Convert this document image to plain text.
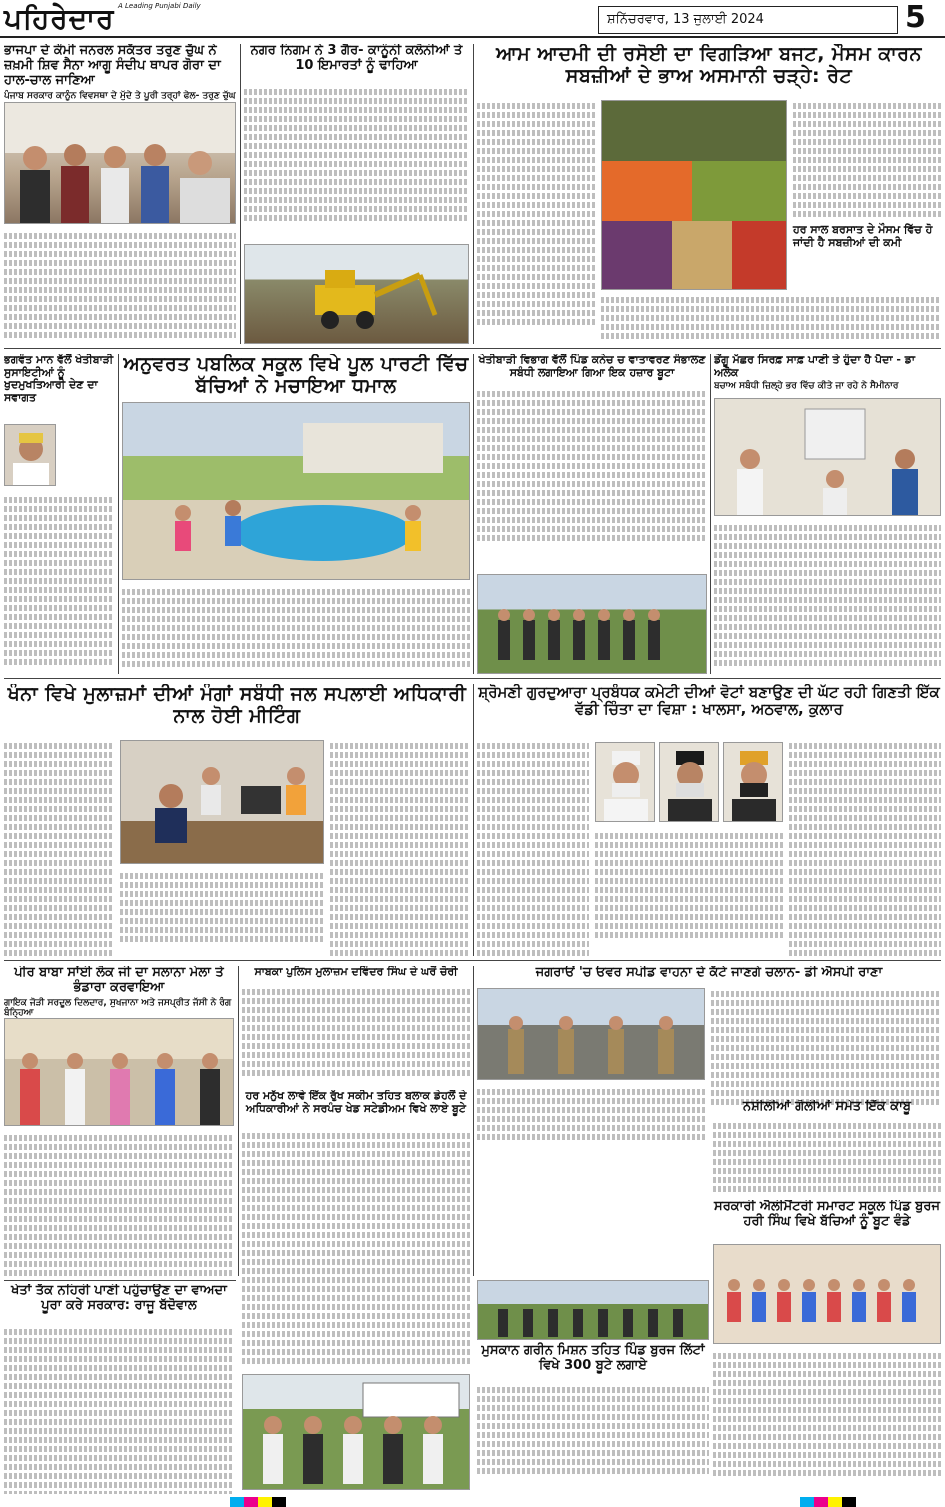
ਪਹਿਰੇਦਾਰ A Leading Punjabi Daily
ਸ਼ਨਿੱਚਰਵਾਰ, 13 ਜੁਲਾਈ 2024	5
ਭਾਜਪਾ ਦੇ ਕੌਮੀ ਜਨਰਲ ਸਕੱਤਰ ਤਰੁਣ ਚੁੱਘ ਨੇ ਜ਼ਖ਼ਮੀ ਸ਼ਿਵ ਸੈਨਾ ਆਗੂ ਸੰਦੀਪ ਥਾਪਰ ਗੋਰਾ ਦਾ ਹਾਲ-ਚਾਲ ਜਾਣਿਆ
ਪੰਜਾਬ ਸਰਕਾਰ ਕਾਨੂੰਨ ਵਿਵਸਥਾ ਦੇ ਮੁੱਦੇ ਤੇ ਪੂਰੀ ਤਰ੍ਹਾਂ ਫੇਲ- ਤਰੁਣ ਚੁੱਘ
ਨਗਰ ਨਿਗਮ ਨੇ 3 ਗੈਰ- ਕਾਨੂੰਨੀ ਕਲੋਨੀਆਂ ਤੇ 10 ਇਮਾਰਤਾਂ ਨੂੰ ਢਾਹਿਆ
ਆਮ ਆਦਮੀ ਦੀ ਰਸੋਈ ਦਾ ਵਿਗੜਿਆ ਬਜਟ, ਮੌਸਮ ਕਾਰਨ ਸਬਜ਼ੀਆਂ ਦੇ ਭਾਅ ਅਸਮਾਨੀ ਚੜ੍ਹੇ: ਰੇਟ
ਹਰ ਸਾਲ ਬਰਸਾਤ ਦੇ ਮੌਸਮ ਵਿੱਚ ਹੋ ਜਾਂਦੀ ਹੈ ਸਬਜ਼ੀਆਂ ਦੀ ਕਮੀ
ਭਗਵੰਤ ਮਾਨ ਵੱਲੋਂ ਖੇਤੀਬਾੜੀ ਸੁਸਾਇਟੀਆਂ ਨੂੰ ਖੁਦਮੁਖਤਿਆਰੀ ਦੇਣ ਦਾ ਸਵਾਗਤ
ਅਨੁਵਰਤ ਪਬਲਿਕ ਸਕੂਲ ਵਿਖੇ ਪੂਲ ਪਾਰਟੀ ਵਿੱਚ ਬੱਚਿਆਂ ਨੇ ਮਚਾਇਆ ਧਮਾਲ
ਖੇਤੀਬਾੜੀ ਵਿਭਾਗ ਵੱਲੋਂ ਪਿੰਡ ਕਨੇਚ ਚ ਵਾਤਾਵਰਣ ਸੰਭਾਲਣ ਸਬੰਧੀ ਲਗਾਇਆ ਗਿਆ ਇਕ ਹਜ਼ਾਰ ਬੂਟਾ
ਡੇਂਗੂ ਮੱਛਰ ਸਿਰਫ਼ ਸਾਫ਼ ਪਾਣੀ ਤੇ ਹੁੰਦਾ ਹੈ ਪੈਦਾ - ਡਾ ਅਲੋਕ
ਬਚਾਅ ਸਬੰਧੀ ਜ਼ਿਲ੍ਹੇ ਭਰ ਵਿੱਚ ਕੀਤੇ ਜਾ ਰਹੇ ਨੇ ਸੈਮੀਨਾਰ
ਖੰਨਾ ਵਿਖੇ ਮੁਲਾਜ਼ਮਾਂ ਦੀਆਂ ਮੰਗਾਂ ਸਬੰਧੀ ਜਲ ਸਪਲਾਈ ਅਧਿਕਾਰੀ ਨਾਲ ਹੋਈ ਮੀਟਿੰਗ
ਸ਼੍ਰੋਮਣੀ ਗੁਰਦੁਆਰਾ ਪ੍ਰਬੰਧਕ ਕਮੇਟੀ ਦੀਆਂ ਵੋਟਾਂ ਬਣਾਉਣ ਦੀ ਘੱਟ ਰਹੀ ਗਿਣਤੀ ਇੱਕ ਵੱਡੀ ਚਿੰਤਾ ਦਾ ਵਿਸ਼ਾ : ਖਾਲਸਾ, ਅਠਵਾਲ, ਕੁਲਾਰ
ਪੀਰ ਬਾਬਾ ਸਾਂਈ ਲੋਕ ਜੀ ਦਾ ਸਲਾਨਾ ਮੇਲਾ ਤੇ ਭੰਡਾਰਾ ਕਰਵਾਇਆ
ਗਾਇਕ ਜੋੜੀ ਸਰਦੂਲ ਦਿਲਦਾਰ, ਸੁਖਜਾਨਾ ਅਤੇ ਜਸਪ੍ਰੀਤ ਜੱਸੀ ਨੇ ਰੰਗ ਬੰਨ੍ਹਿਆ
ਸਾਬਕਾ ਪੁਲਿਸ ਮੁਲਾਜ਼ਮ ਦਵਿੰਦਰ ਸਿੰਘ ਦੇ ਘਰੋਂ ਚੋਰੀ
ਹਰ ਮਨੁੱਖ ਲਾਵੇ ਇੱਕ ਰੁੱਖ ਸਕੀਮ ਤਹਿਤ ਬਲਾਕ ਡੇਹਲੋਂ ਦੇ ਅਧਿਕਾਰੀਆਂ ਨੇ ਸਰਪੰਚ ਖੇਡ ਸਟੇਡੀਅਮ ਵਿਖੇ ਲਾਏ ਬੂਟੇ
ਜਗਰਾਓਂ 'ਚ ਓਵਰ ਸਪੀਡ ਵਾਹਨਾ ਦੇ ਕੱਟੇ ਜਾਣਗੇ ਚਲਾਨ- ਡੀ ਐਸਪੀ ਰਾਣਾ
ਨਸ਼ੀਲੀਆਂ ਗੋਲੀਆਂ ਸਮੇਤ ਇੱਕ ਕਾਬੂ
ਸਰਕਾਰੀ ਐਲੀਮੈਂਟਰੀ ਸਮਾਰਟ ਸਕੂਲ ਪਿੰਡ ਬੁਰਜ ਹਰੀ ਸਿੰਘ ਵਿਖੇ ਬੱਚਿਆਂ ਨੂੰ ਬੂਟ ਵੰਡੇ
ਖੇਤਾਂ ਤੱਕ ਨਹਿਰੀ ਪਾਣੀ ਪਹੁੰਚਾਉਣ ਦਾ ਵਾਅਦਾ ਪੂਰਾ ਕਰੇ ਸਰਕਾਰ: ਰਾਜੂ ਬੱਦੋਵਾਲ
ਮੁਸਕਾਨ ਗਰੀਨ ਮਿਸ਼ਨ ਤਹਿਤ ਪਿੰਡ ਬੁਰਜ ਲਿੱਟਾਂ ਵਿਖੇ 300 ਬੂਟੇ ਲਗਾਏ
